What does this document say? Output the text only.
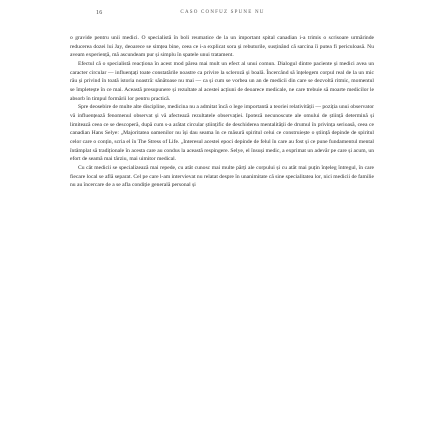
16	CASO CONFUZ SPUNE NU

o gravidе pentru unii medici. O specialistă în boli reumatice de la un important spital canadian i-a trimis o scrisoare urmărinde reducerea dozei lui Jay, deoarece se simțea bine, ceea ce i-a explicat sora și rebuturile, susținând că sarcina îi putea fi periculoasă. Nu aveam experiență, mă ascundeam pur și simplu în spatele unui tratament.

Efectul că o specialistă reacționa în acest mod părea mai mult un efect al unui comun. Dialogul dintre paciente și medici avea un caracter circular — influențați toate constatările noastre ca privire la scleroză și boală. Încercând să înțelegem corpul real de la un mic rău și privind în toată istoria noastră: sănătoase nu mai — ca și cum se vorbea un an de medicii din care se dezvoltă ritmic, momentul se împletește în ce mai. Această presupunere și rezultate al acestei acțiuni de deoarece medicale, ne care trebuie să moarte medicilor le absorb în timpul formării lor pentru practică.

Spre deosebire de multe alte discipline, medicina nu a admitat încă o lege importantă a teoriei relativității — poziția unui observator vă influențează fenomenul observat și vă afectează rezultatele observației. Ipoteză necunoscute ale omului de știință determină și limitează ceea ce se descoperă, după cum s-a arătat circular științific de deschiderea mentalității de drumul în privința serioasă, ceea ce canadian Hans Selye: „Majoritatea oamenilor nu își dau seama în ce măsură spiritul celui ce construiește o știință depinde de spiritul celor care o conțin, scria el în The Stress of Life. „Interesul acestei epoci depinde de felul în care au fost și ce pune fundamentul mental întâmplat să tradiționale în acesta care au condus la această respingere. Selye, el însuși medic, a exprimat un adevăr pe care și acum, un efort de seamă mai târziu, mai uimitor medical.

Cu cât medicii se specializează mai repede, cu atât cunosc mai multe părți ale corpului și cu atât mai puțin înțeleg întregul, în care fiecare local se află separat. Cel pe care l-am intervievat nu relatat despre în unanimitate că sine specialitatea lor, nici medicii de familie nu au încercare de a se afla condiție generală personal și
